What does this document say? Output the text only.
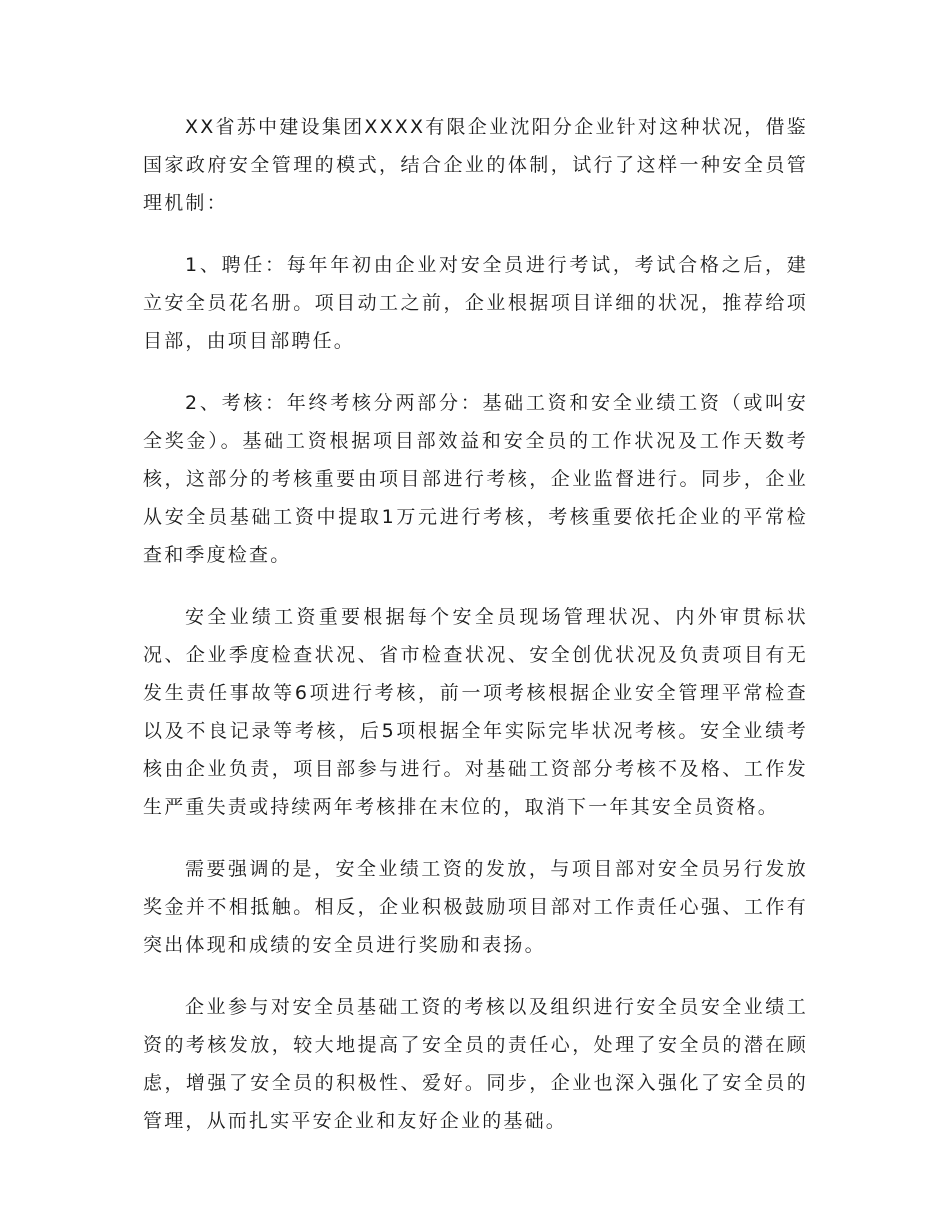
XX省苏中建设集团XXXX有限企业沈阳分企业针对这种状况，借鉴国家政府安全管理的模式，结合企业的体制，试行了这样一种安全员管理机制：

1、聘任：每年年初由企业对安全员进行考试，考试合格之后，建立安全员花名册。项目动工之前，企业根据项目详细的状况，推荐给项目部，由项目部聘任。

2、考核：年终考核分两部分：基础工资和安全业绩工资（或叫安全奖金）。基础工资根据项目部效益和安全员的工作状况及工作天数考核，这部分的考核重要由项目部进行考核，企业监督进行。同步，企业从安全员基础工资中提取1万元进行考核，考核重要依托企业的平常检查和季度检查。

安全业绩工资重要根据每个安全员现场管理状况、内外审贯标状况、企业季度检查状况、省市检查状况、安全创优状况及负责项目有无发生责任事故等6项进行考核，前一项考核根据企业安全管理平常检查以及不良记录等考核，后5项根据全年实际完毕状况考核。安全业绩考核由企业负责，项目部参与进行。对基础工资部分考核不及格、工作发生严重失责或持续两年考核排在末位的，取消下一年其安全员资格。

需要强调的是，安全业绩工资的发放，与项目部对安全员另行发放奖金并不相抵触。相反，企业积极鼓励项目部对工作责任心强、工作有突出体现和成绩的安全员进行奖励和表扬。

企业参与对安全员基础工资的考核以及组织进行安全员安全业绩工资的考核发放，较大地提高了安全员的责任心，处理了安全员的潜在顾虑，增强了安全员的积极性、爱好。同步，企业也深入强化了安全员的管理，从而扎实平安企业和友好企业的基础。
